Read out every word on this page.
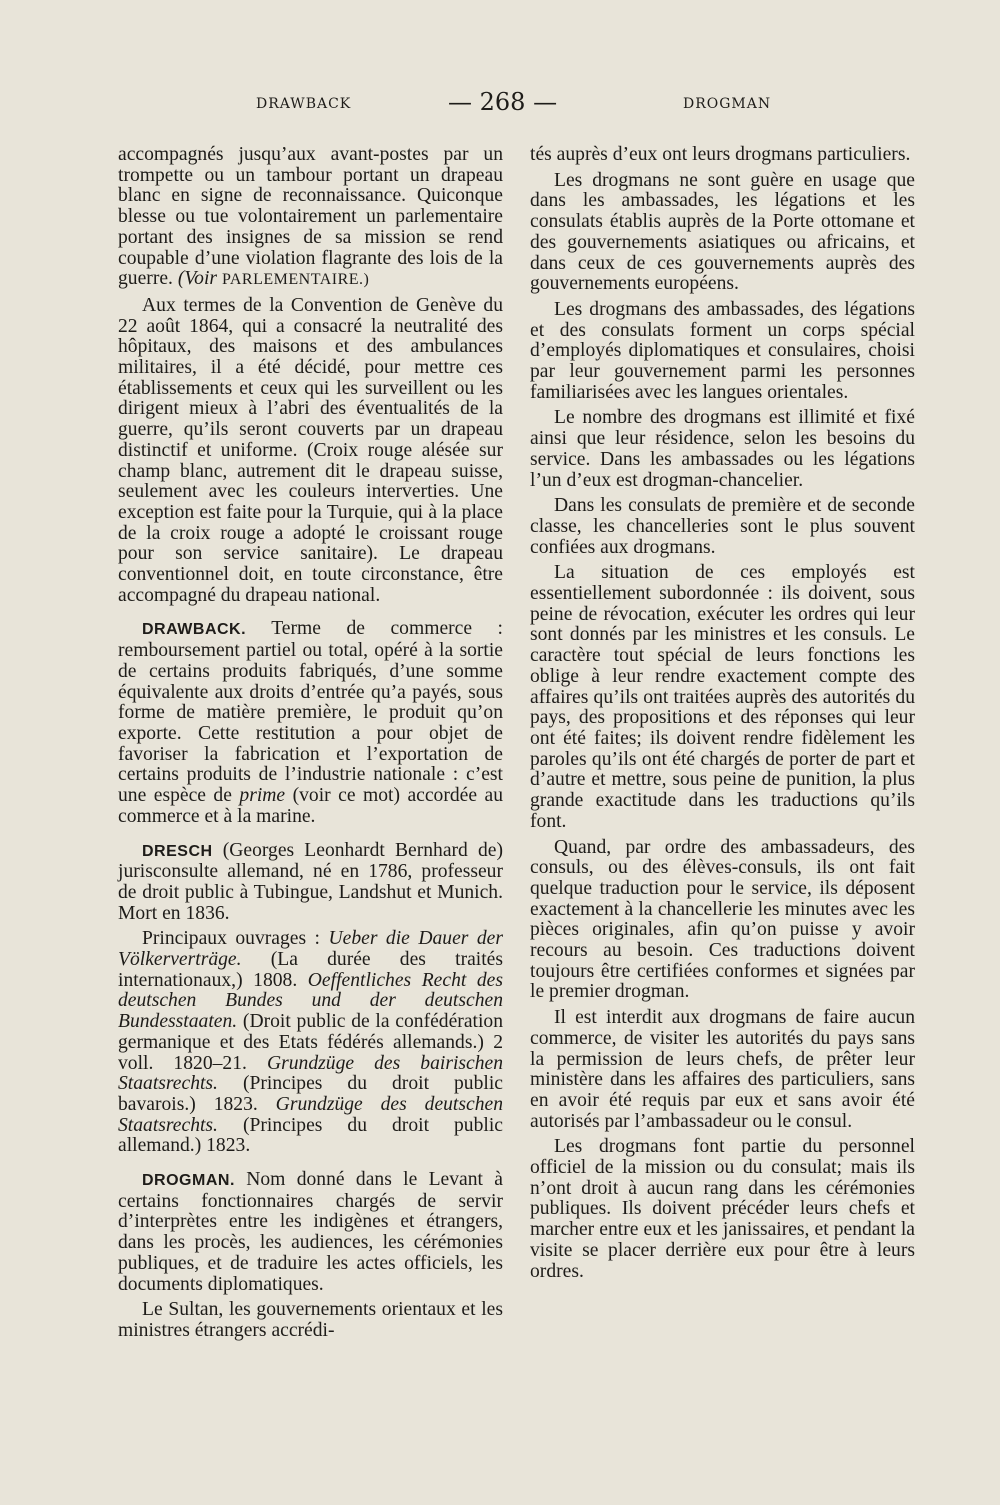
DRAWBACK	— 268 —	DROGMAN

accompagnés jusqu’aux avant-postes par un trompette ou un tambour portant un drapeau blanc en signe de reconnaissance. Quiconque blesse ou tue volontairement un parlementaire portant des insignes de sa mission se rend coupable d’une violation flagrante des lois de la guerre. (Voir PARLEMENTAIRE.)

Aux termes de la Convention de Genève du 22 août 1864, qui a consacré la neutralité des hôpitaux, des maisons et des ambulances militaires, il a été décidé, pour mettre ces établissements et ceux qui les surveillent ou les dirigent mieux à l’abri des éventualités de la guerre, qu’ils seront couverts par un drapeau distinctif et uniforme. (Croix rouge alésée sur champ blanc, autrement dit le drapeau suisse, seulement avec les couleurs interverties. Une exception est faite pour la Turquie, qui à la place de la croix rouge a adopté le croissant rouge pour son service sanitaire). Le drapeau conventionnel doit, en toute circonstance, être accompagné du drapeau national.

DRAWBACK. Terme de commerce : remboursement partiel ou total, opéré à la sortie de certains produits fabriqués, d’une somme équivalente aux droits d’entrée qu’a payés, sous forme de matière première, le produit qu’on exporte. Cette restitution a pour objet de favoriser la fabrication et l’exportation de certains produits de l’industrie nationale : c’est une espèce de prime (voir ce mot) accordée au commerce et à la marine.

DRESCH (Georges Leonhardt Bernhard de) jurisconsulte allemand, né en 1786, professeur de droit public à Tubingue, Landshut et Munich. Mort en 1836.

Principaux ouvrages : Ueber die Dauer der Völkerverträge. (La durée des traités internationaux,) 1808. Oeffentliches Recht des deutschen Bundes und der deutschen Bundesstaaten. (Droit public de la confédération germanique et des Etats fédérés allemands.) 2 voll. 1820–21. Grundzüge des bairischen Staatsrechts. (Principes du droit public bavarois.) 1823. Grundzüge des deutschen Staatsrechts. (Principes du droit public allemand.) 1823.

DROGMAN. Nom donné dans le Levant à certains fonctionnaires chargés de servir d’interprètes entre les indigènes et étrangers, dans les procès, les audiences, les cérémonies publiques, et de traduire les actes officiels, les documents diplomatiques.

Le Sultan, les gouvernements orientaux et les ministres étrangers accrédi-

tés auprès d’eux ont leurs drogmans particuliers.

Les drogmans ne sont guère en usage que dans les ambassades, les légations et les consulats établis auprès de la Porte ottomane et des gouvernements asiatiques ou africains, et dans ceux de ces gouvernements auprès des gouvernements européens.

Les drogmans des ambassades, des légations et des consulats forment un corps spécial d’employés diplomatiques et consulaires, choisi par leur gouvernement parmi les personnes familiarisées avec les langues orientales.

Le nombre des drogmans est illimité et fixé ainsi que leur résidence, selon les besoins du service. Dans les ambassades ou les légations l’un d’eux est drogman-chancelier.

Dans les consulats de première et de seconde classe, les chancelleries sont le plus souvent confiées aux drogmans.

La situation de ces employés est essentiellement subordonnée : ils doivent, sous peine de révocation, exécuter les ordres qui leur sont donnés par les ministres et les consuls. Le caractère tout spécial de leurs fonctions les oblige à leur rendre exactement compte des affaires qu’ils ont traitées auprès des autorités du pays, des propositions et des réponses qui leur ont été faites; ils doivent rendre fidèlement les paroles qu’ils ont été chargés de porter de part et d’autre et mettre, sous peine de punition, la plus grande exactitude dans les traductions qu’ils font.

Quand, par ordre des ambassadeurs, des consuls, ou des élèves-consuls, ils ont fait quelque traduction pour le service, ils déposent exactement à la chancellerie les minutes avec les pièces originales, afin qu’on puisse y avoir recours au besoin. Ces traductions doivent toujours être certifiées conformes et signées par le premier drogman.

Il est interdit aux drogmans de faire aucun commerce, de visiter les autorités du pays sans la permission de leurs chefs, de prêter leur ministère dans les affaires des particuliers, sans en avoir été requis par eux et sans avoir été autorisés par l’ambassadeur ou le consul.

Les drogmans font partie du personnel officiel de la mission ou du consulat; mais ils n’ont droit à aucun rang dans les cérémonies publiques. Ils doivent précéder leurs chefs et marcher entre eux et les janissaires, et pendant la visite se placer derrière eux pour être à leurs ordres.
